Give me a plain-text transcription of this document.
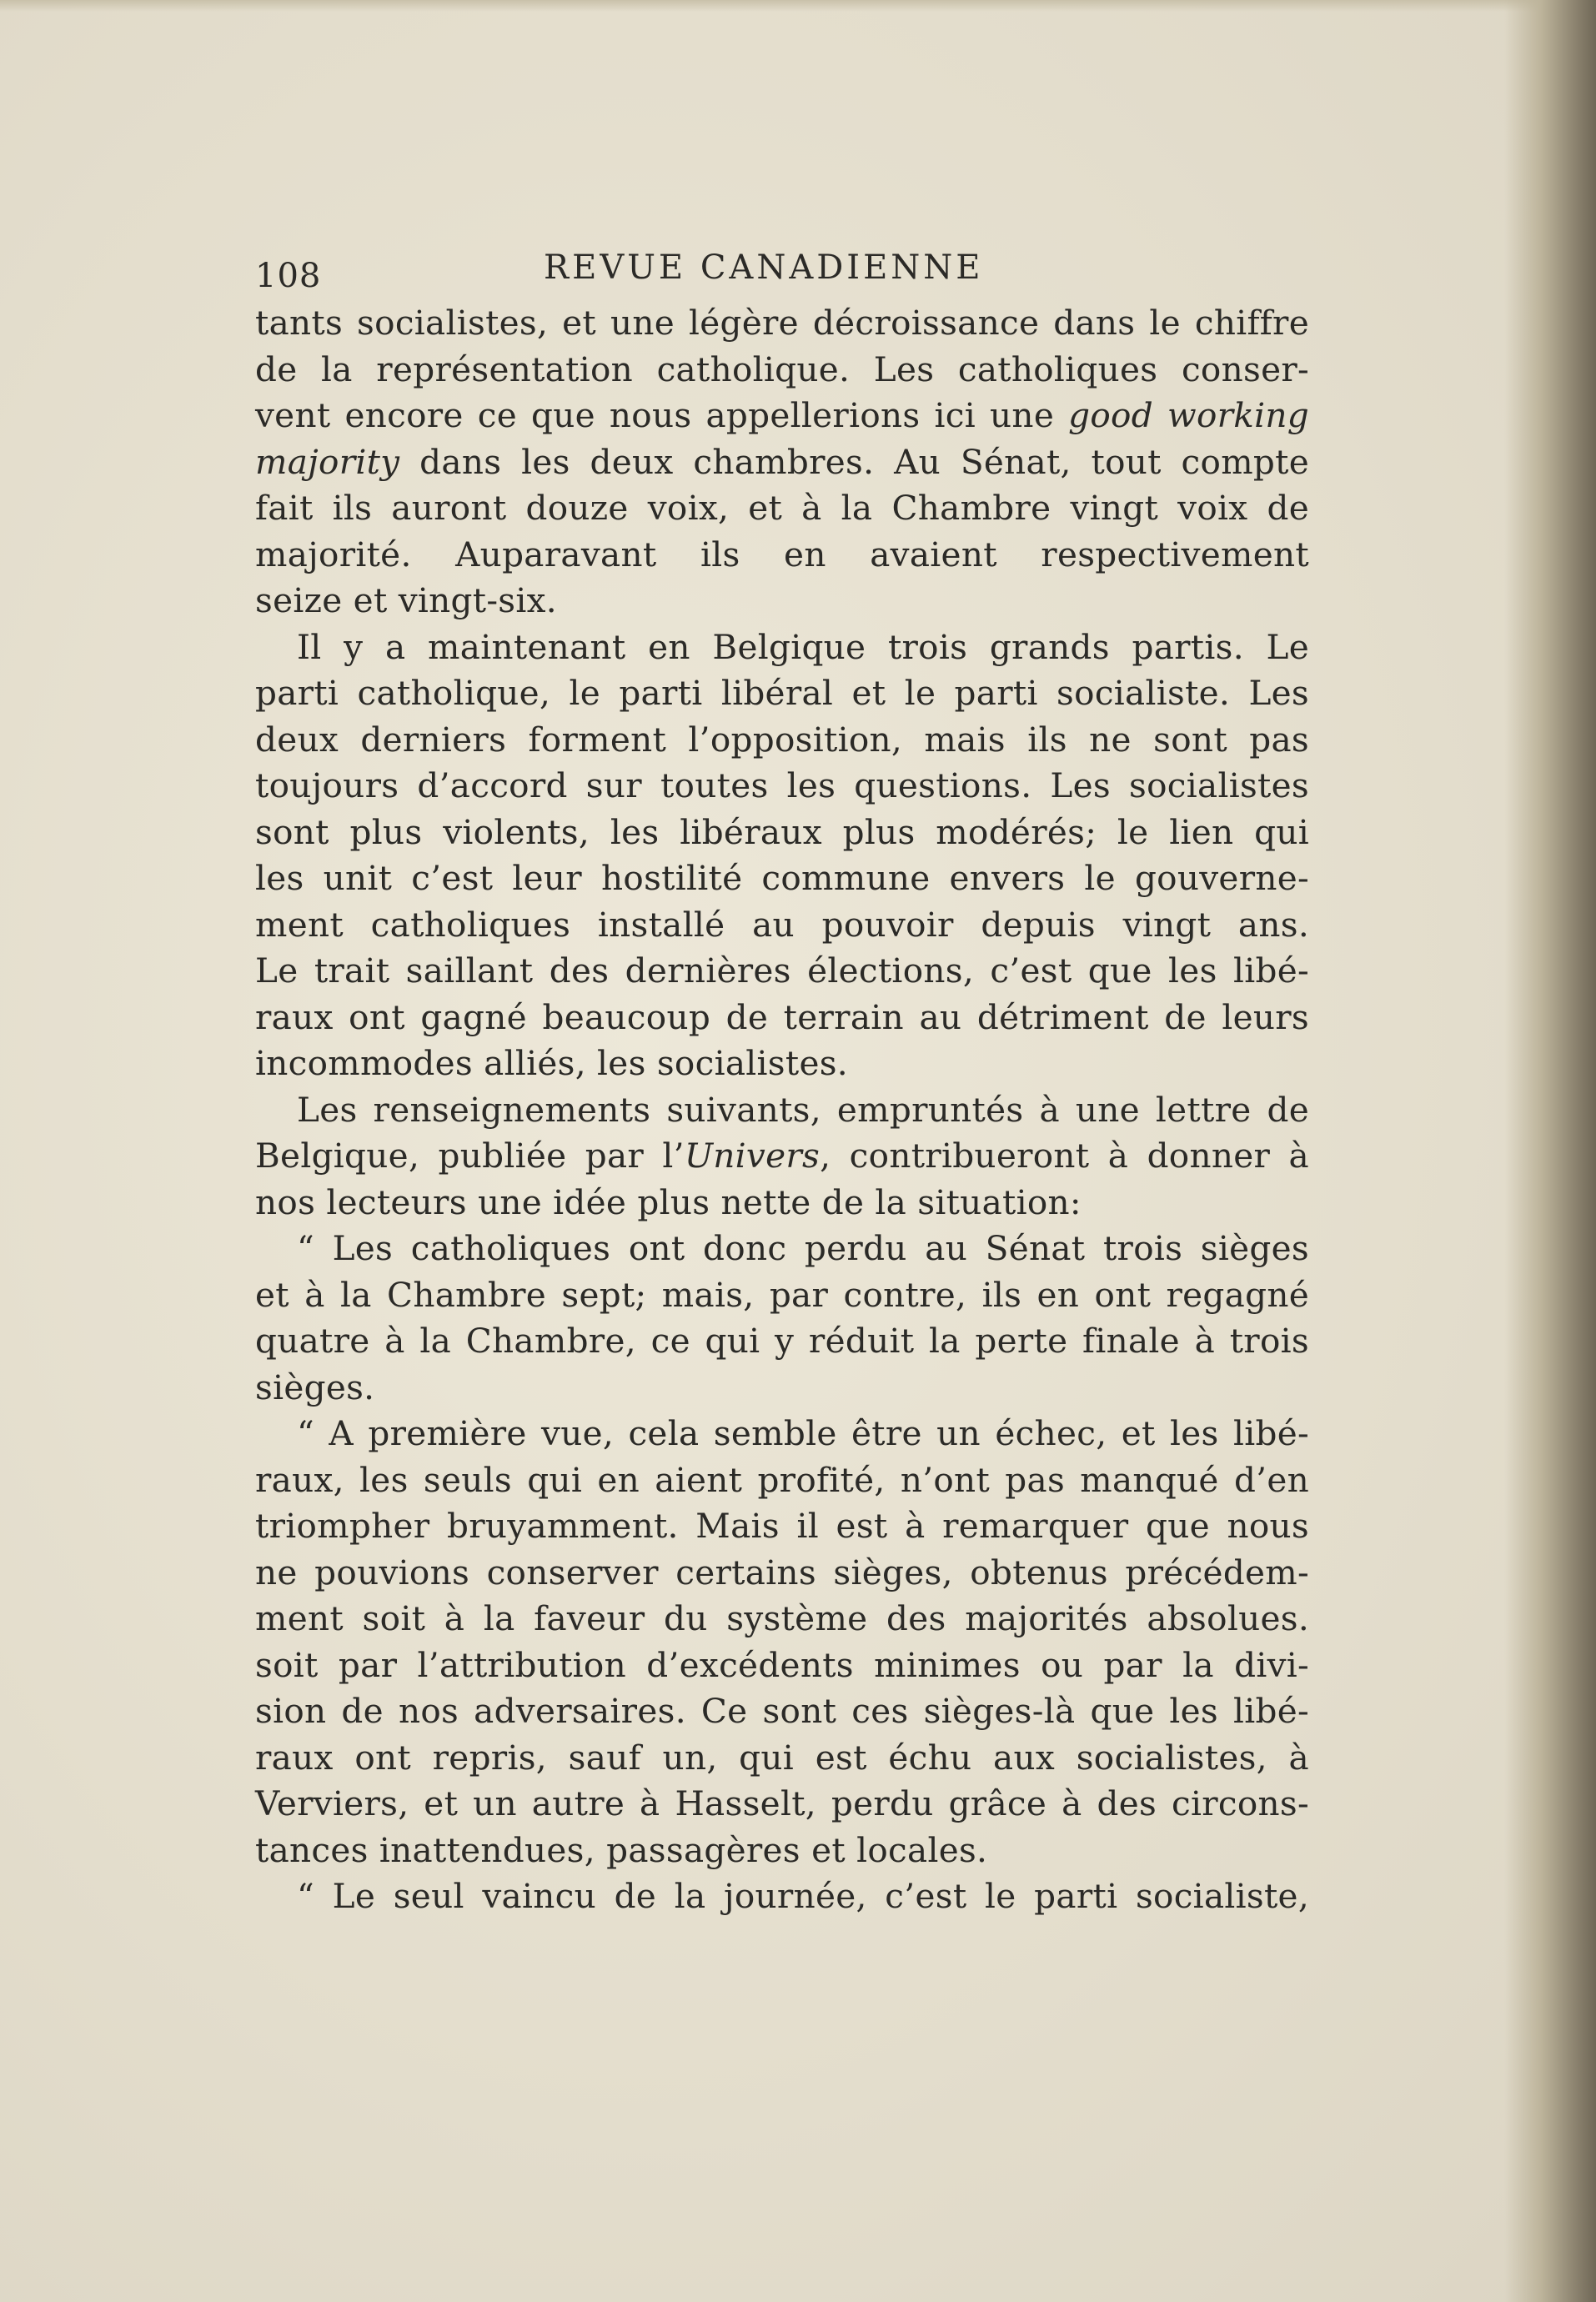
108	REVUE CANADIENNE
tants socialistes, et une légère décroissance dans le chiffre
de la représentation catholique. Les catholiques conser-
vent encore ce que nous appellerions ici une good working
majority dans les deux chambres. Au Sénat, tout compte
fait ils auront douze voix, et à la Chambre vingt voix de
majorité. Auparavant ils en avaient respectivement
seize et vingt-six.
Il y a maintenant en Belgique trois grands partis. Le
parti catholique, le parti libéral et le parti socialiste. Les
deux derniers forment l’opposition, mais ils ne sont pas
toujours d’accord sur toutes les questions. Les socialistes
sont plus violents, les libéraux plus modérés; le lien qui
les unit c’est leur hostilité commune envers le gouverne-
ment catholiques installé au pouvoir depuis vingt ans.
Le trait saillant des dernières élections, c’est que les libé-
raux ont gagné beaucoup de terrain au détriment de leurs
incommodes alliés, les socialistes.
Les renseignements suivants, empruntés à une lettre de
Belgique, publiée par l’Univers, contribueront à donner à
nos lecteurs une idée plus nette de la situation:
“ Les catholiques ont donc perdu au Sénat trois sièges
et à la Chambre sept; mais, par contre, ils en ont regagné
quatre à la Chambre, ce qui y réduit la perte finale à trois
sièges.
“ A première vue, cela semble être un échec, et les libé-
raux, les seuls qui en aient profité, n’ont pas manqué d’en
triompher bruyamment. Mais il est à remarquer que nous
ne pouvions conserver certains sièges, obtenus précédem-
ment soit à la faveur du système des majorités absolues.
soit par l’attribution d’excédents minimes ou par la divi-
sion de nos adversaires. Ce sont ces sièges-là que les libé-
raux ont repris, sauf un, qui est échu aux socialistes, à
Verviers, et un autre à Hasselt, perdu grâce à des circons-
tances inattendues, passagères et locales.
“ Le seul vaincu de la journée, c’est le parti socialiste,
